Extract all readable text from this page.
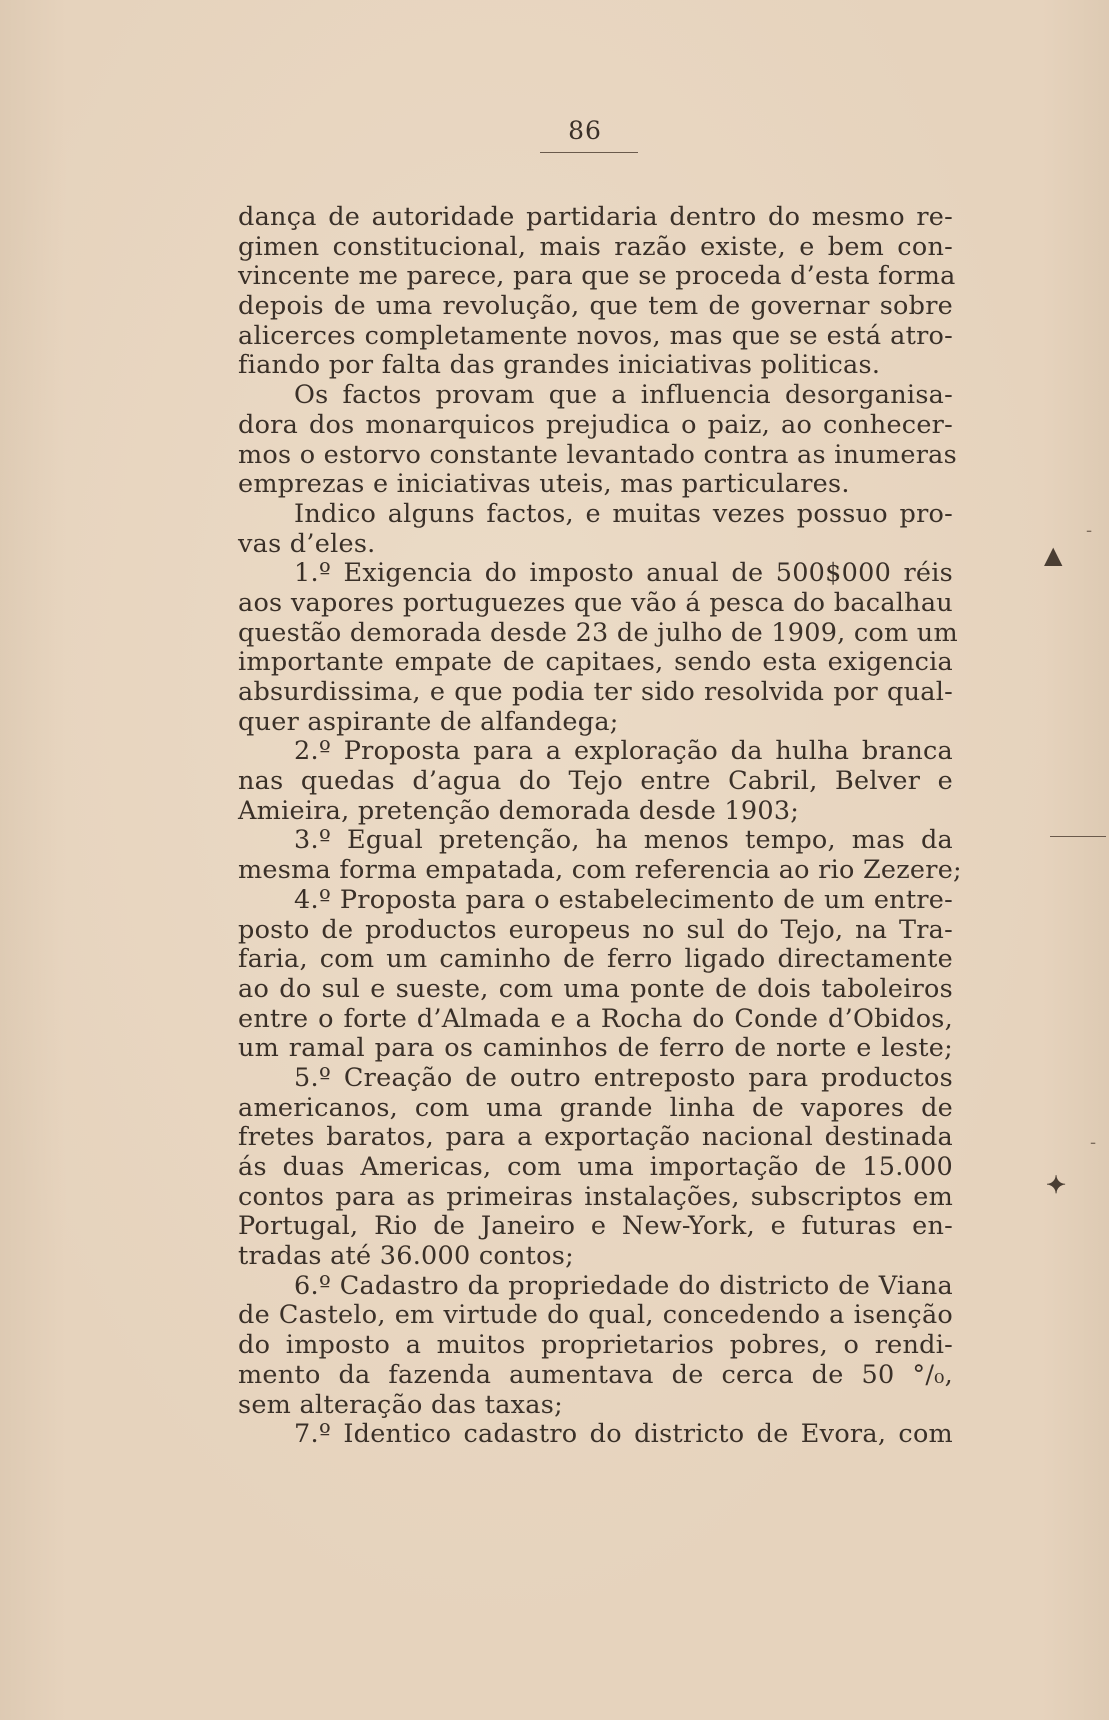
86
dança de autoridade partidaria dentro do mesmo re-
gimen constitucional, mais razão existe, e bem con-
vincente me parece, para que se proceda d’esta forma
depois de uma revolução, que tem de governar sobre
alicerces completamente novos, mas que se está atro-
fiando por falta das grandes iniciativas politicas.
Os factos provam que a influencia desorganisa-
dora dos monarquicos prejudica o paiz, ao conhecer-
mos o estorvo constante levantado contra as inumeras
emprezas e iniciativas uteis, mas particulares.
Indico alguns factos, e muitas vezes possuo pro-
vas d’eles.
1.º Exigencia do imposto anual de 500$000 réis
aos vapores portuguezes que vão á pesca do bacalhau
questão demorada desde 23 de julho de 1909, com um
importante empate de capitaes, sendo esta exigencia
absurdissima, e que podia ter sido resolvida por qual-
quer aspirante de alfandega;
2.º Proposta para a exploração da hulha branca
nas quedas d’agua do Tejo entre Cabril, Belver e
Amieira, pretenção demorada desde 1903;
3.º Egual pretenção, ha menos tempo, mas da
mesma forma empatada, com referencia ao rio Zezere;
4.º Proposta para o estabelecimento de um entre-
posto de productos europeus no sul do Tejo, na Tra-
faria, com um caminho de ferro ligado directamente
ao do sul e sueste, com uma ponte de dois taboleiros
entre o forte d’Almada e a Rocha do Conde d’Obidos,
um ramal para os caminhos de ferro de norte e leste;
5.º Creação de outro entreposto para productos
americanos, com uma grande linha de vapores de
fretes baratos, para a exportação nacional destinada
ás duas Americas, com uma importação de 15.000
contos para as primeiras instalações, subscriptos em
Portugal, Rio de Janeiro e New-York, e futuras en-
tradas até 36.000 contos;
6.º Cadastro da propriedade do districto de Viana
de Castelo, em virtude do qual, concedendo a isenção
do imposto a muitos proprietarios pobres, o rendi-
mento da fazenda aumentava de cerca de 50 °/₀,
sem alteração das taxas;
7.º Identico cadastro do districto de Evora, com
▲
✦
-
-
